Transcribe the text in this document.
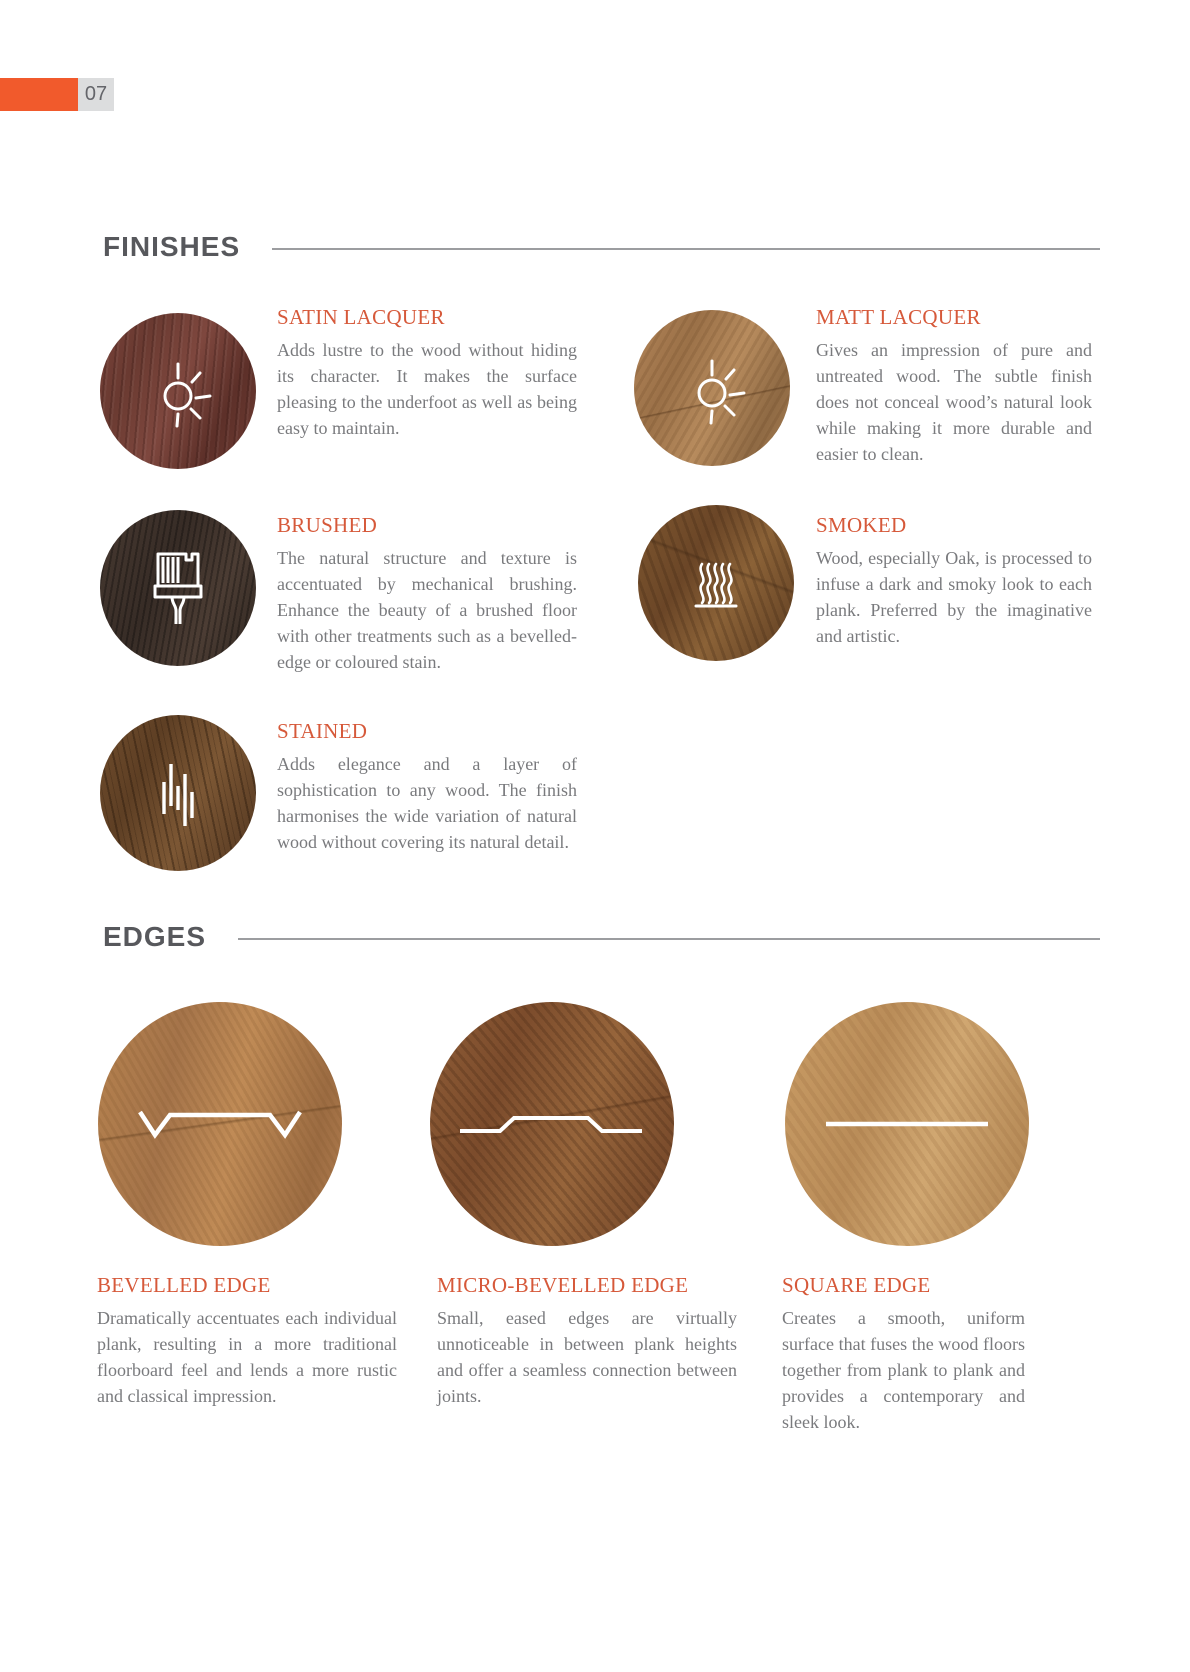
07
FINISHES
SATIN LACQUER

Adds lustre to the wood without hiding its character. It makes the surface pleasing to the underfoot as well as being easy to maintain.

MATT LACQUER

Gives an impression of pure and untreated wood. The subtle finish does not conceal wood’s natural look while making it more durable and easier to clean.

BRUSHED

The natural structure and texture is accentuated by mechanical brushing. Enhance the beauty of a brushed floor with other treatments such as a bevelled-edge or coloured stain.

SMOKED

Wood, especially Oak, is processed to infuse a dark and smoky look to each plank. Preferred by the imaginative and artistic.

STAINED

Adds elegance and a layer of sophistication to any wood. The finish harmonises the wide variation of natural wood without covering its natural detail.

EDGES
BEVELLED EDGE

Dramatically accentuates each individual plank, resulting in a more traditional floorboard feel and lends a more rustic and classical impression.

MICRO-BEVELLED EDGE

Small, eased edges are virtually unnoticeable in between plank heights and offer a seamless connection between joints.

SQUARE EDGE

Creates a smooth, uniform surface that fuses the wood floors together from plank to plank and provides a contemporary and sleek look.
